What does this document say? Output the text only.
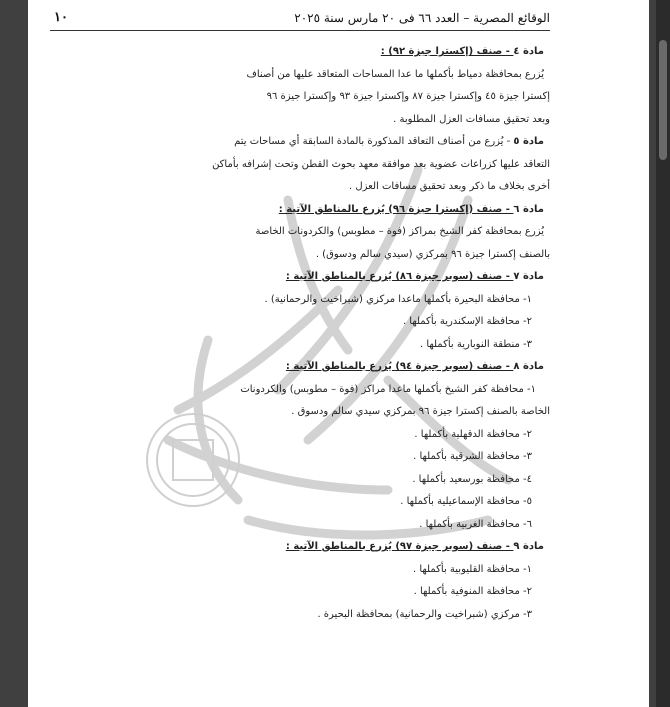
الوقائع المصرية – العدد ٦٦ فى ٢٠ مارس سنة ٢٠٢٥
١٠
مادة ٤ - صنف (إكسترا جيزة ٩٢) :
يُزرع بمحافظة دمياط بأكملها ما عدا المساحات المتعاقد عليها من أصناف
إكسترا جيزة ٤٥ وإكسترا جيزة ٨٧ وإكسترا جيزة ٩٣ وإكسترا جيزة ٩٦
وبعد تحقيق مسافات العزل المطلوبة .
مادة ٥ - يُزرع من أصناف التعاقد المذكورة بالمادة السابقة أي مساحات يتم
التعاقد عليها كزراعات عضوية بعد موافقة معهد بحوث القطن وتحت إشرافه بأماكن
أخرى بخلاف ما ذكر وبعد تحقيق مسافات العزل .
مادة ٦ - صنف (إكسترا جيزة ٩٦) يُزرع بالمناطق الآتية :
يُزرع بمحافظة كفر الشيخ بمراكز (فوة – مطوبس) والكردونات الخاصة
بالصنف إكسترا جيزة ٩٦ بمركزي (سيدي سالم ودسوق) .
مادة ٧ - صنف (سوبر جيزة ٨٦) يُزرع بالمناطق الآتية :
١- محافظة البحيرة بأكملها ماعدا مركزي (شبراخيت والرحمانية) .
٢- محافظة الإسكندرية بأكملها .
٣- منطقة النوبارية بأكملها .
مادة ٨ - صنف (سوبر جيزة ٩٤) يُزرع بالمناطق الآتية :
١- محافظة كفر الشيخ بأكملها ماعدا مراكز (فوة – مطوبس) والكردونات
الخاصة بالصنف إكسترا جيزة ٩٦ بمركزي سيدي سالم ودسوق .
٢- محافظة الدقهلية بأكملها .
٣- محافظة الشرقية بأكملها .
٤- محافظة بورسعيد بأكملها .
٥- محافظة الإسماعيلية بأكملها .
٦- محافظة الغربية بأكملها .
مادة ٩ - صنف (سوبر جيزة ٩٧) يُزرع بالمناطق الآتية :
١- محافظة القليوبية بأكملها .
٢- محافظة المنوفية بأكملها .
٣- مركزي (شبراخيت والرحمانية) بمحافظة البحيرة .
